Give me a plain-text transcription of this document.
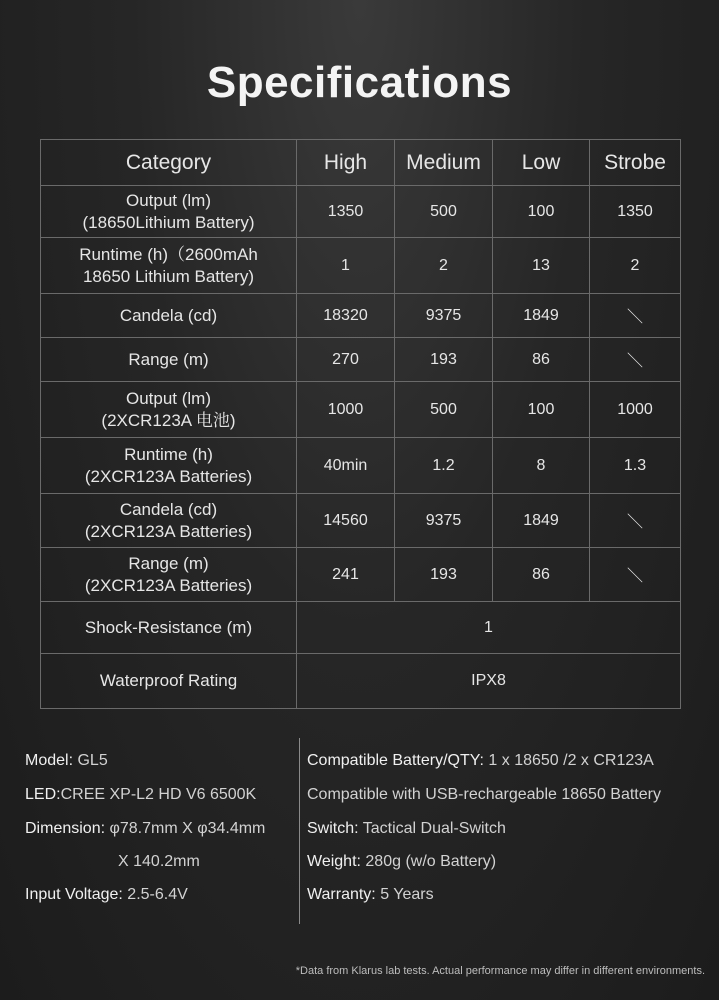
Specifications
Category	High	Medium	Low	Strobe

Output (lm)
(18650Lithium Battery)	1350	500	100	1350

Runtime (h)（2600mAh
18650 Lithium Battery)	1	2	13	2

Candela (cd)	18320	9375	1849	＼

Range (m)	270	193	86	＼

Output (lm)
(2XCR123A 电池)	1000	500	100	1000

Runtime (h)
(2XCR123A Batteries)	40min	1.2	8	1.3

Candela (cd)
(2XCR123A Batteries)	14560	9375	1849	＼

Range (m)
(2XCR123A Batteries)	241	193	86	＼
Shock-Resistance (m)	1			
Waterproof Rating	IPX8			
Model: GL5
LED:CREE XP-L2 HD V6 6500K
Dimension: φ78.7mm X φ34.4mm
X 140.2mm
Input Voltage: 2.5-6.4V
Compatible Battery/QTY: 1 x 18650 /2 x CR123A
Compatible with USB-rechargeable 18650 Battery
Switch: Tactical Dual-Switch
Weight: 280g (w/o Battery)
Warranty: 5 Years
*Data from Klarus lab tests. Actual performance may differ in different environments.
